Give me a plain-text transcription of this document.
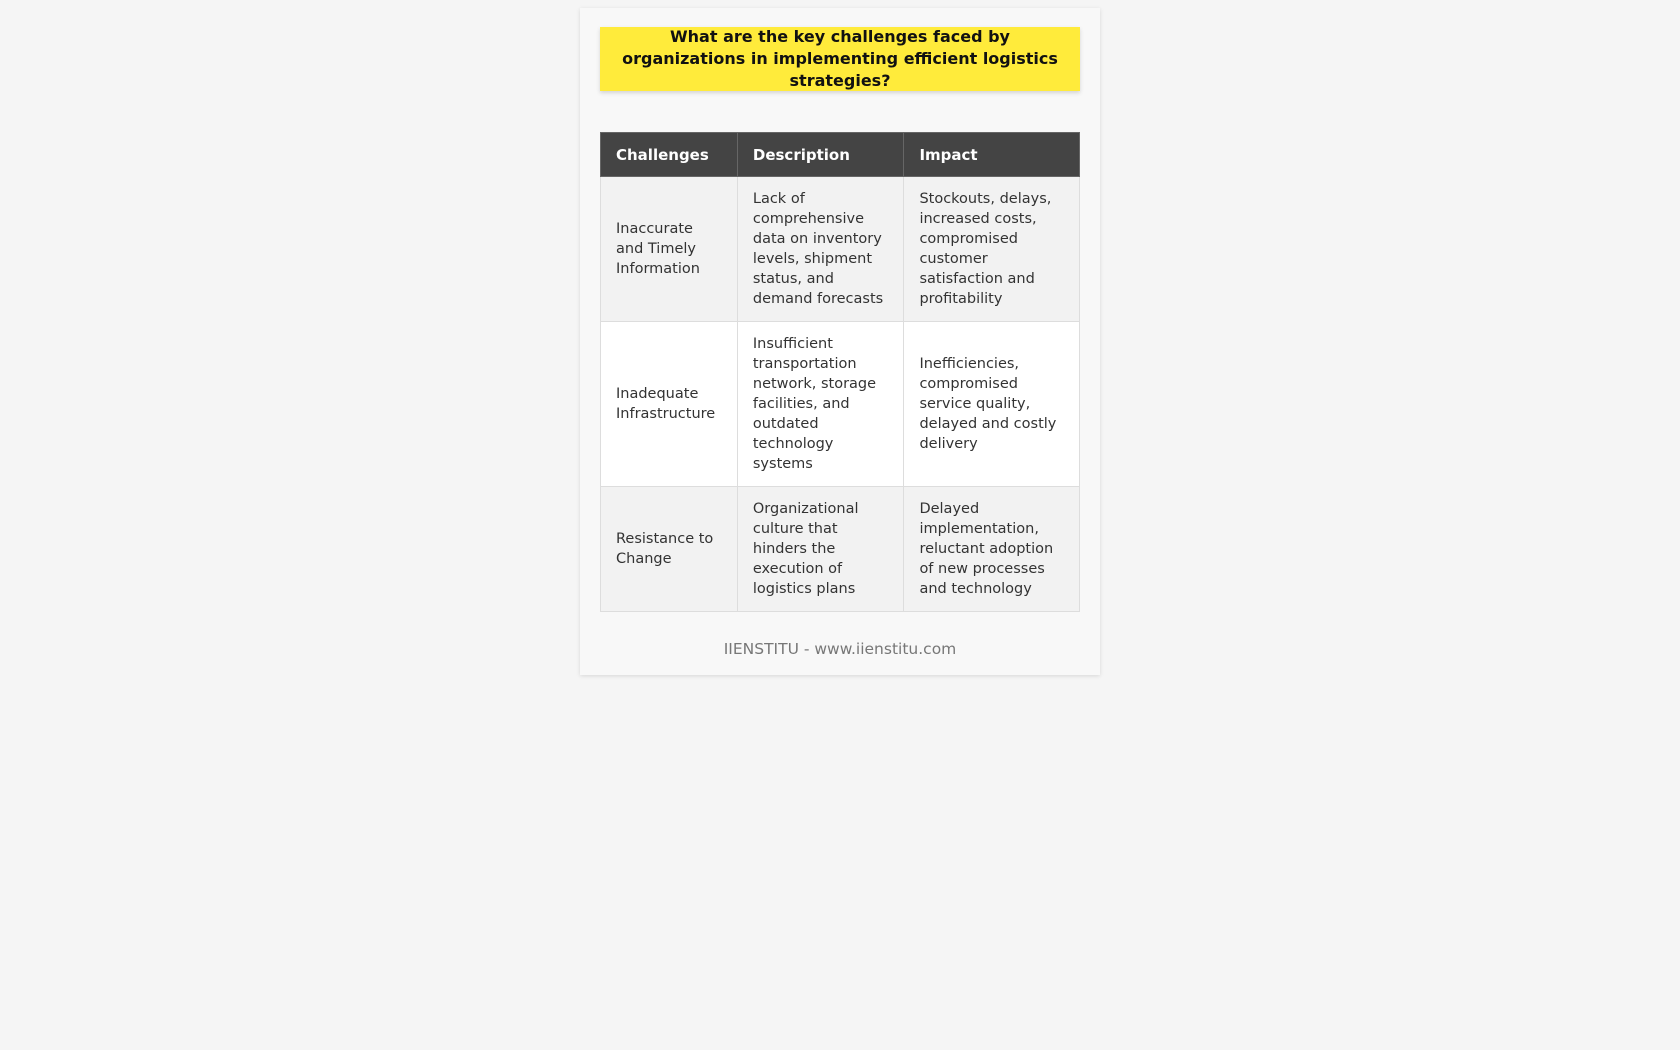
What are the key challenges faced by organizations in implementing efficient logistics strategies?
Challenges	Description	Impact
Inaccurate and Timely Information	Lack of comprehensive data on inventory levels, shipment status, and demand forecasts	Stockouts, delays, increased costs, compromised customer satisfaction and profitability
Inadequate Infrastructure	Insufficient transportation network, storage facilities, and outdated technology systems	Inefficiencies, compromised service quality, delayed and costly delivery
Resistance to Change	Organizational culture that hinders the execution of logistics plans	Delayed implementation, reluctant adoption of new processes and technology
IIENSTITU - www.iienstitu.com
